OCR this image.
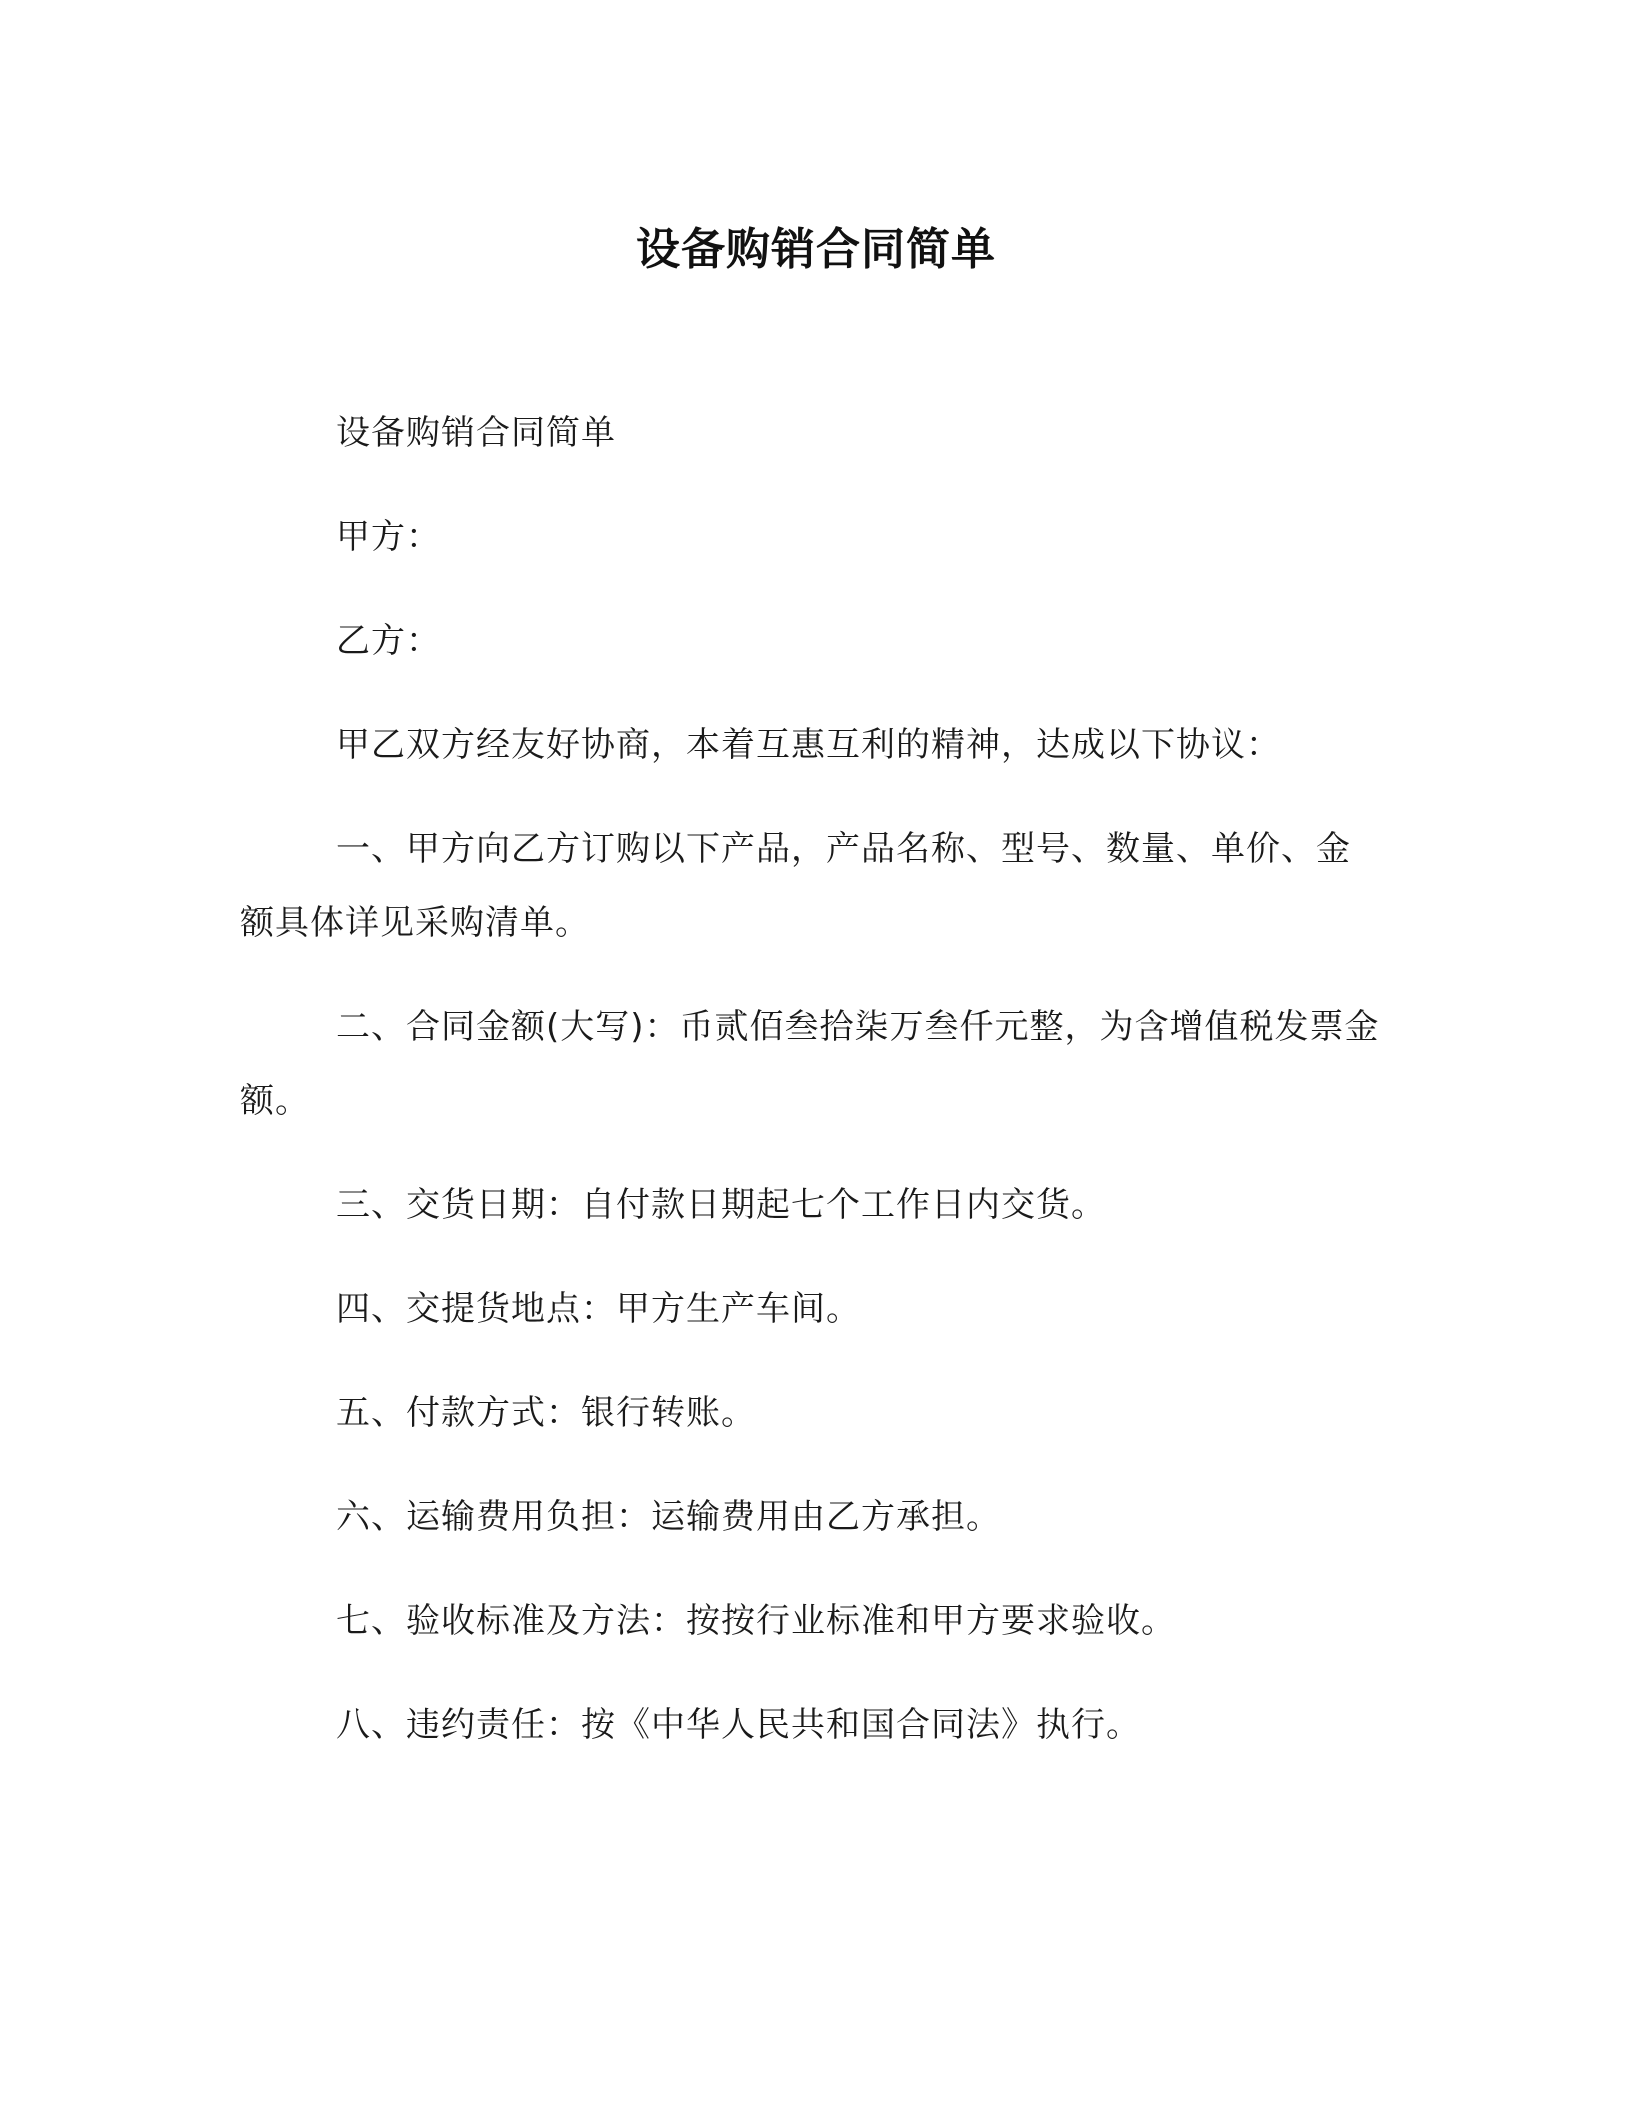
设备购销合同简单

设备购销合同简单

甲方：

乙方：

甲乙双方经友好协商，本着互惠互利的精神，达成以下协议：

一、甲方向乙方订购以下产品，产品名称、型号、数量、单价、金额具体详见采购清单。

二、合同金额(大写)：币贰佰叁拾柒万叁仟元整，为含增值税发票金额。

三、交货日期：自付款日期起七个工作日内交货。

四、交提货地点：甲方生产车间。

五、付款方式：银行转账。

六、运输费用负担：运输费用由乙方承担。

七、验收标准及方法：按按行业标准和甲方要求验收。

八、违约责任：按《中华人民共和国合同法》执行。
